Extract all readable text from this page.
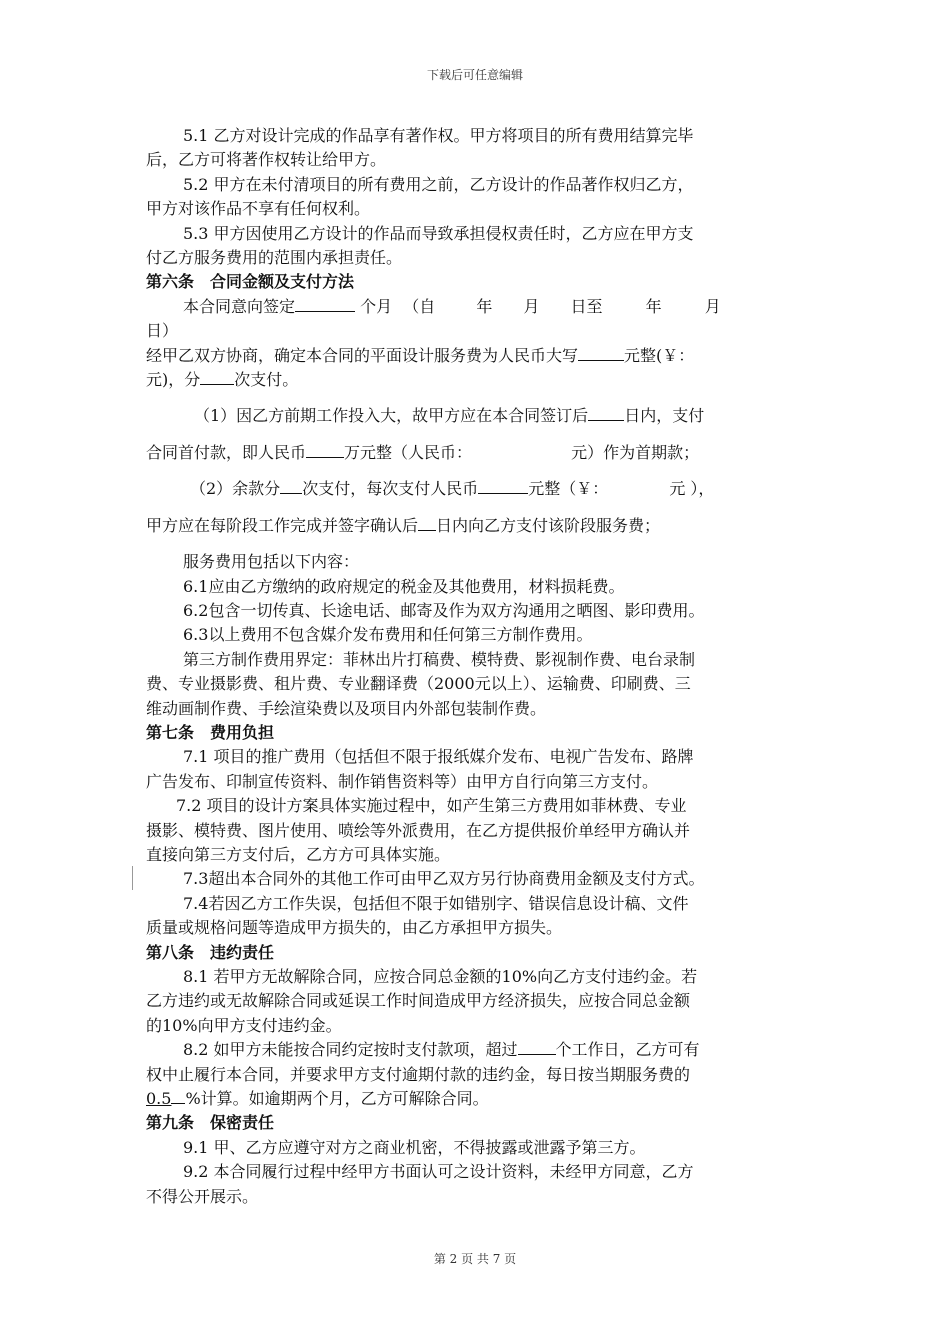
下载后可任意编辑

5.1 乙方对设计完成的作品享有著作权。甲方将项目的所有费用结算完毕

后，乙方可将著作权转让给甲方。

5.2 甲方在未付清项目的所有费用之前，乙方设计的作品著作权归乙方，

甲方对该作品不享有任何权利。

5.3 甲方因使用乙方设计的作品而导致承担侵权责任时，乙方应在甲方支

付乙方服务费用的范围内承担责任。

第六条　合同金额及支付方法

本合同意向签定	个月 （自	年 月 日至	年	月

日）

经甲乙双方协商，确定本合同的平面设计服务费为人民币大写	元整(￥：

元)，分 次支付。

（1）因乙方前期工作投入大，故甲方应在本合同签订后 日内，支付

合同首付款，即人民币 万元整（人民币：	元）作为首期款；

（2）余款分 次支付，每次支付人民币	元整（￥：	元 ），

甲方应在每阶段工作完成并签字确认后 日内向乙方支付该阶段服务费；

服务费用包括以下内容：

6.1应由乙方缴纳的政府规定的税金及其他费用，材料损耗费。

6.2包含一切传真、长途电话、邮寄及作为双方沟通用之晒图、影印费用。

6.3以上费用不包含媒介发布费用和任何第三方制作费用。

第三方制作费用界定：菲林出片打稿费、模特费、影视制作费、电台录制

费、专业摄影费、租片费、专业翻译费（2000元以上）、运输费、印刷费、三

维动画制作费、手绘渲染费以及项目内外部包装制作费。

第七条　费用负担

7.1 项目的推广费用（包括但不限于报纸媒介发布、电视广告发布、路牌

广告发布、印制宣传资料、制作销售资料等）由甲方自行向第三方支付。

7.2 项目的设计方案具体实施过程中，如产生第三方费用如菲林费、专业

摄影、模特费、图片使用、喷绘等外派费用，在乙方提供报价单经甲方确认并

直接向第三方支付后，乙方方可具体实施。

7.3超出本合同外的其他工作可由甲乙双方另行协商费用金额及支付方式。

7.4若因乙方工作失误，包括但不限于如错别字、错误信息设计稿、文件

质量或规格问题等造成甲方损失的，由乙方承担甲方损失。

第八条　违约责任

8.1 若甲方无故解除合同，应按合同总金额的10%向乙方支付违约金。若

乙方违约或无故解除合同或延误工作时间造成甲方经济损失，应按合同总金额

的10%向甲方支付违约金。

8.2 如甲方未能按合同约定按时支付款项，超过 个工作日，乙方可有

权中止履行本合同，并要求甲方支付逾期付款的违约金，每日按当期服务费的

0.5 %计算。如逾期两个月，乙方可解除合同。

第九条　保密责任

9.1 甲、乙方应遵守对方之商业机密，不得披露或泄露予第三方。

9.2 本合同履行过程中经甲方书面认可之设计资料，未经甲方同意，乙方

不得公开展示。

第 2 页 共 7 页
